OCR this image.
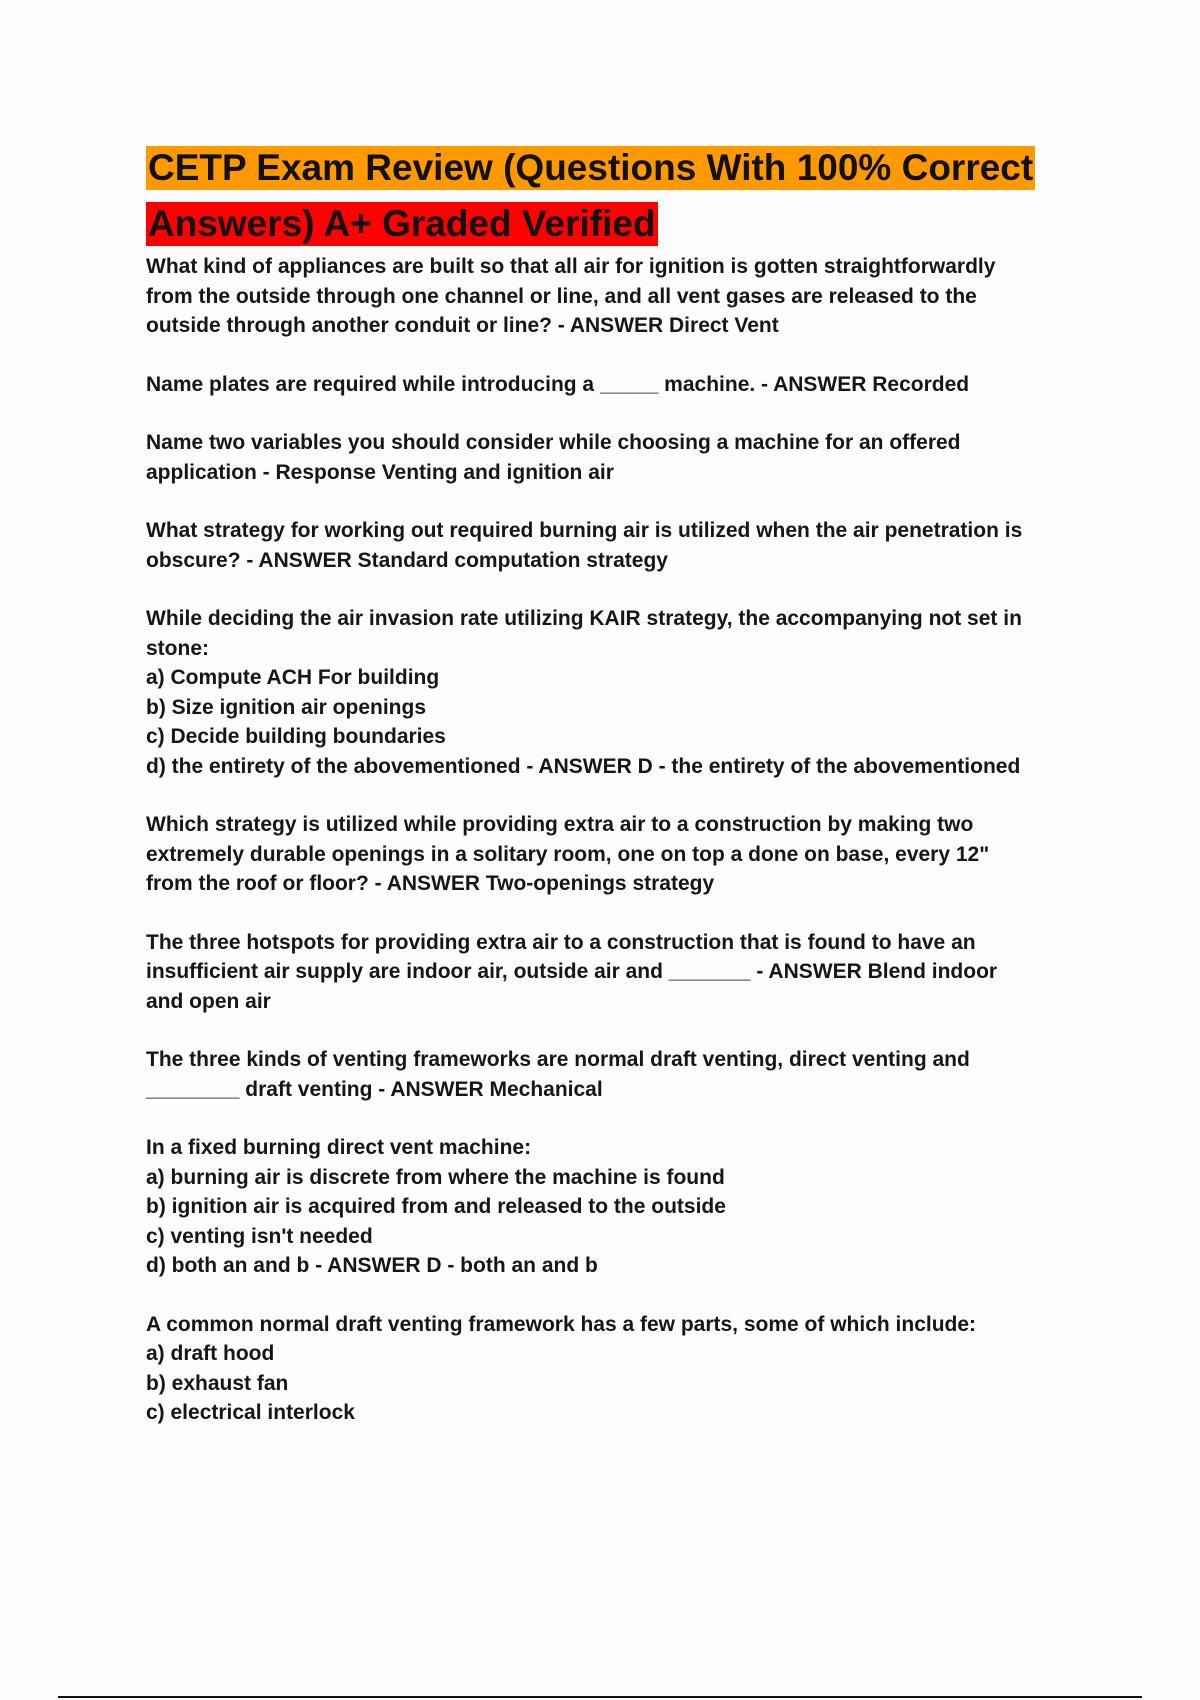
CETP Exam Review (Questions With 100% Correct
Answers) A+ Graded Verified
What kind of appliances are built so that all air for ignition is gotten straightforwardly
from the outside through one channel or line, and all vent gases are released to the
outside through another conduit or line? - ANSWER Direct Vent
Name plates are required while introducing a _____ machine. - ANSWER Recorded
Name two variables you should consider while choosing a machine for an offered
application - Response Venting and ignition air
What strategy for working out required burning air is utilized when the air penetration is
obscure? - ANSWER Standard computation strategy
While deciding the air invasion rate utilizing KAIR strategy, the accompanying not set in
stone:
a) Compute ACH For building
b) Size ignition air openings
c) Decide building boundaries
d) the entirety of the abovementioned - ANSWER D - the entirety of the abovementioned
Which strategy is utilized while providing extra air to a construction by making two
extremely durable openings in a solitary room, one on top a done on base, every 12"
from the roof or floor? - ANSWER Two-openings strategy
The three hotspots for providing extra air to a construction that is found to have an
insufficient air supply are indoor air, outside air and _______ - ANSWER Blend indoor
and open air
The three kinds of venting frameworks are normal draft venting, direct venting and
________ draft venting - ANSWER Mechanical
In a fixed burning direct vent machine:
a) burning air is discrete from where the machine is found
b) ignition air is acquired from and released to the outside
c) venting isn't needed
d) both an and b - ANSWER D - both an and b
A common normal draft venting framework has a few parts, some of which include:
a) draft hood
b) exhaust fan
c) electrical interlock
